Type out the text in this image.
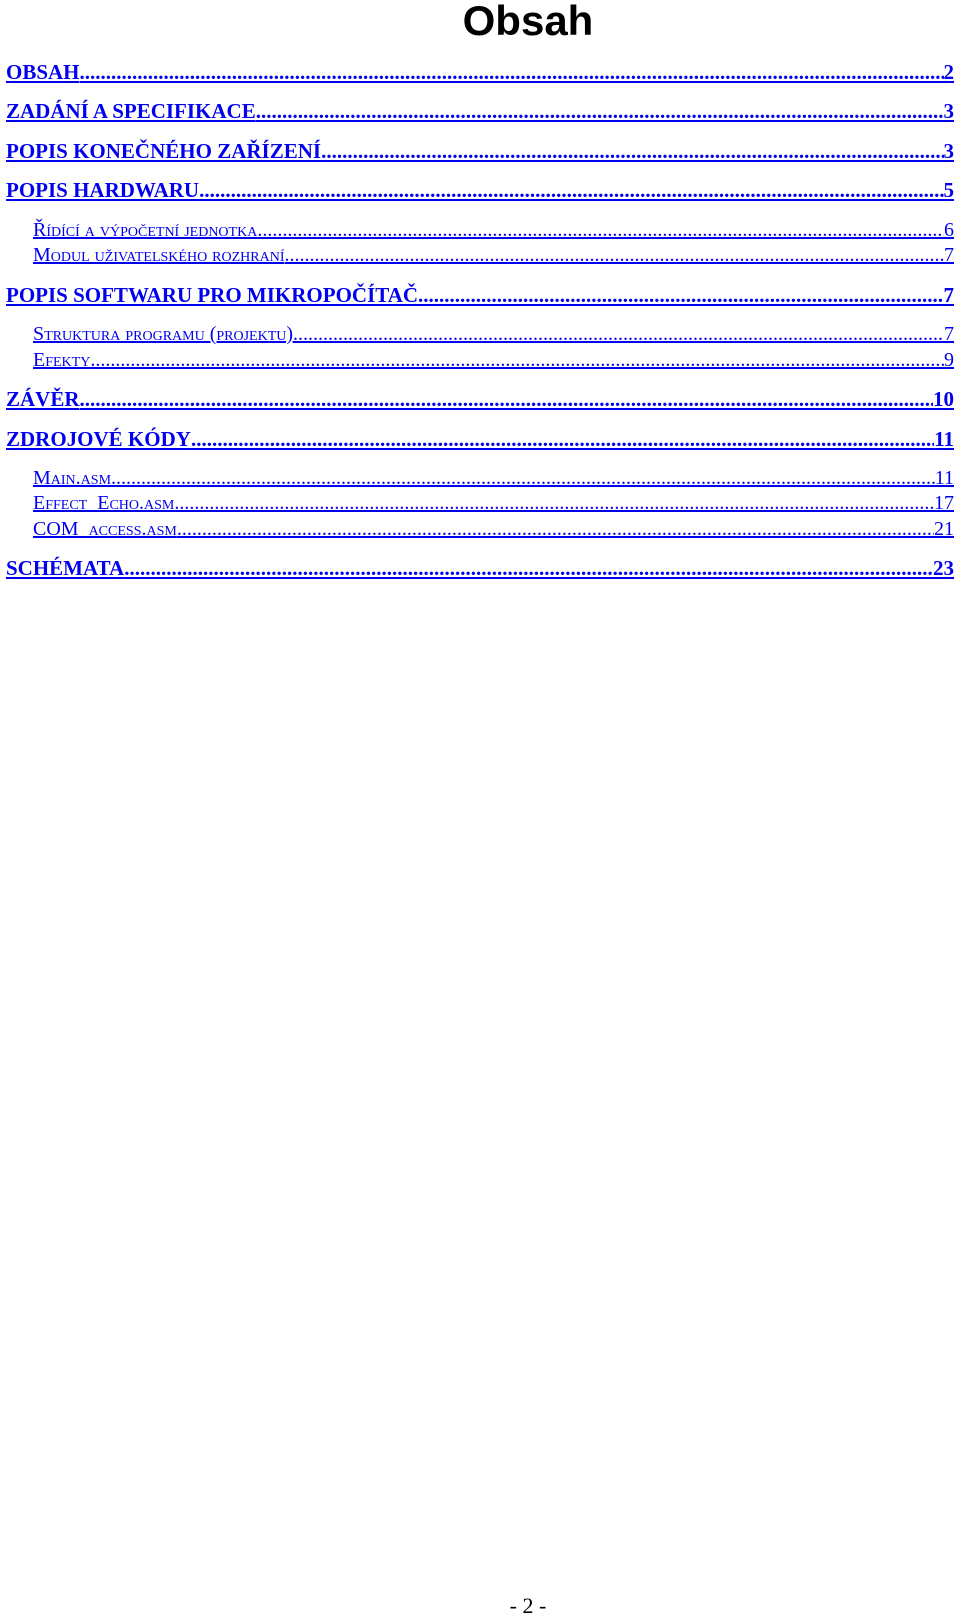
Obsah
OBSAH .....	2
ZADÁNÍ A SPECIFIKACE .....	3
POPIS KONEČNÉHO ZAŘÍZENÍ .....	3
POPIS HARDWARU .....	5
Řídící a výpočetní jednotka .....	6
Modul uživatelského rozhraní .....	7
POPIS SOFTWARU PRO MIKROPOČÍTAČ .....	7
Struktura programu (projektu) .....	7
Efekty .....	9
ZÁVĚR .....	10
ZDROJOVÉ KÓDY .....	11
Main.asm .....	11
Effect_Echo.asm .....	17
COM_access.asm .....	21
SCHÉMATA .....	23
- 2 -
